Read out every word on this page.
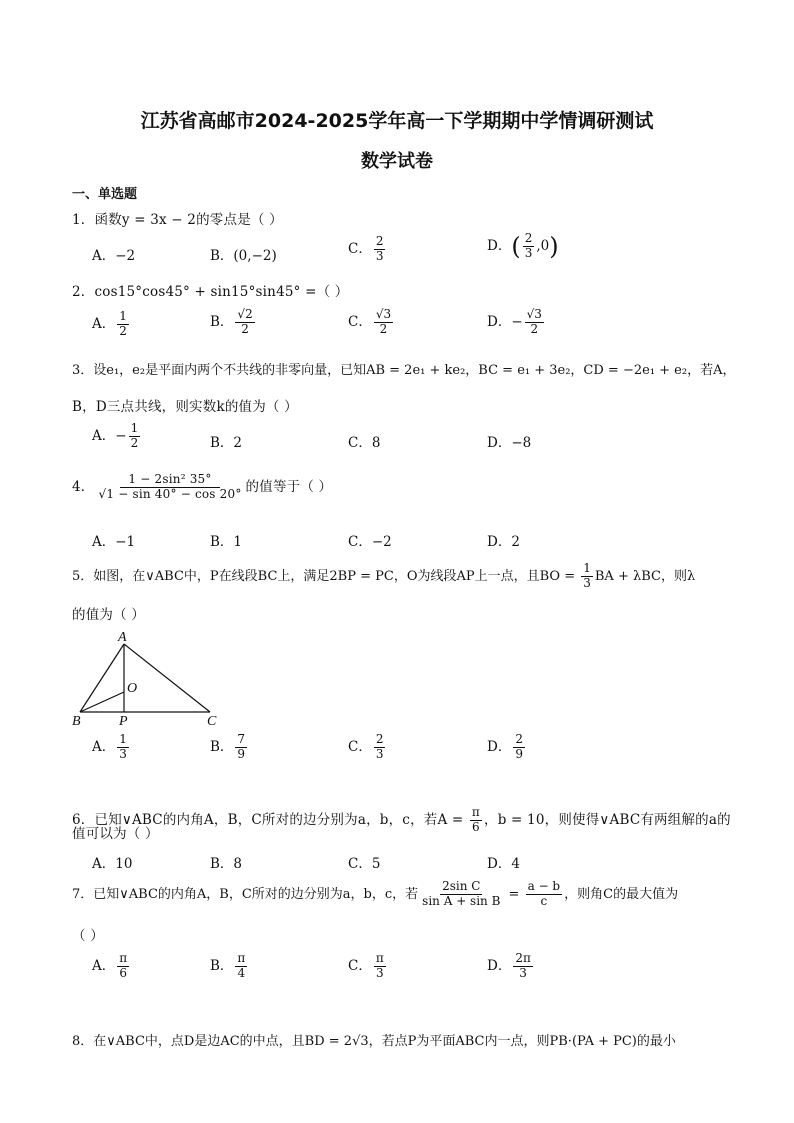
江苏省高邮市2024-2025学年高一下学期期中学情调研测试
数学试卷
一、单选题
1．函数y = 3x − 2的零点是（ ）
A．−2	B．(0,−2)	C． $\frac{2}{3}$	D．( $\frac{2}{3} ,0$)
2．cos15°cos45° + sin15°sin45° =（ ）
A． $\frac{1}{2}$	B． $\frac{√2}{2}$	C． $\frac{√3}{2}$	D．− $\frac{√3}{2}$
3．设e₁，e₂是平面内两个不共线的非零向量，已知AB = 2e₁ + ke₂，BC = e₁ + 3e₂，CD = −2e₁ + e₂，若A，
B，D三点共线，则实数k的值为（ ）
A．− $\frac{1}{2}$	B．2	C．8	D．−8
4． $\frac{\text{1 − 2sin² 35°}}{√1 - \sin 40^\circ - \cos 20^\circ}$ 的值等于（ ）
A．−1	B．1	C．−2	D．2
5．如图，在∨ABC中，P在线段BC上，满足2BP = PC，O为线段AP上一点，且BO = $\frac{1}{3}$ BA + λBC，则λ
的值为（ ）
A
B	C
O
P
A． $\frac{1}{3}$	B． $\frac{7}{9}$	C． $\frac{2}{3}$	D． $\frac{2}{9}$
6．已知∨ABC的内角A，B，C所对的边分别为a，b，c，若$A = \frac{\pi}{6}$ ，b = 10，则使得∨ABC有两组解的a的
值可以为（ ）
A．10	B．8	C．5	D．4
7．已知∨ABC的内角A，B，C所对的边分别为a，b，c，若 $\frac{\text{2sin C}}{\text{sin A + sin B}} = \frac{a - b}{c}$ ，则角C的最大值为
（ ）
A． $\frac{\pi}{6}$	B． $\frac{\pi}{4}$	C． $\frac{\pi}{3}$	D． $\frac{2\pi}{3}$
8．在∨ABC中，点D是边AC的中点，且BD = 2√3，若点P为平面ABC内一点，则PB·(PA + PC)的最小
